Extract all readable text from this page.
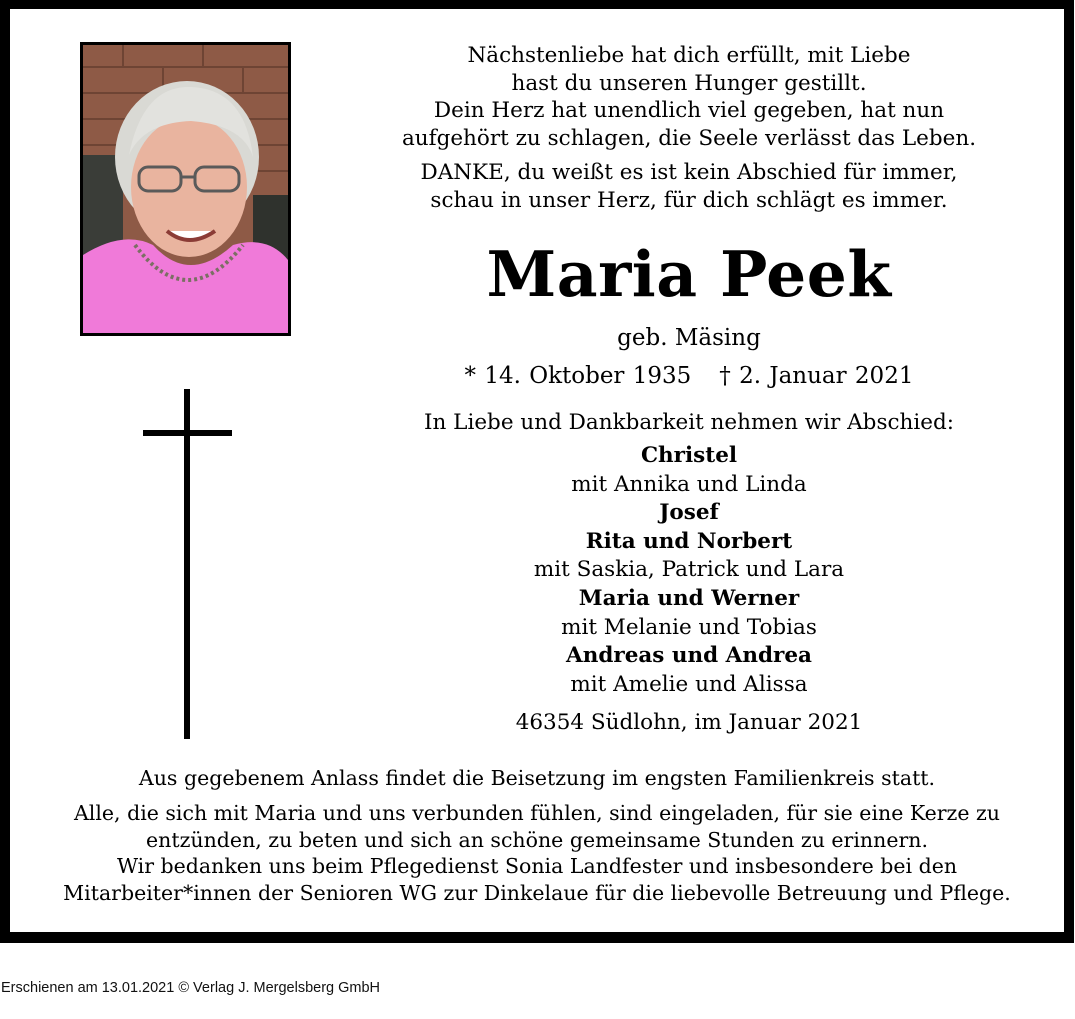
Nächstenliebe hat dich erfüllt, mit Liebe

hast du unseren Hunger gestillt.

Dein Herz hat unendlich viel gegeben, hat nun

aufgehört zu schlagen, die Seele verlässt das Leben.

DANKE, du weißt es ist kein Abschied für immer,

schau in unser Herz, für dich schlägt es immer.

Maria Peek
geb. Mäsing
* 14. Oktober 1935 † 2. Januar 2021
In Liebe und Dankbarkeit nehmen wir Abschied:
Christel
mit Annika und Linda
Josef
Rita und Norbert
mit Saskia, Patrick und Lara
Maria und Werner
mit Melanie und Tobias
Andreas und Andrea
mit Amelie und Alissa
46354 Südlohn, im Januar 2021
Aus gegebenem Anlass findet die Beisetzung im engsten Familienkreis statt.

Alle, die sich mit Maria und uns verbunden fühlen, sind eingeladen, für sie eine Kerze zu

entzünden, zu beten und sich an schöne gemeinsame Stunden zu erinnern.

Wir bedanken uns beim Pflegedienst Sonia Landfester und insbesondere bei den

Mitarbeiter*innen der Senioren WG zur Dinkelaue für die liebevolle Betreuung und Pflege.

Erschienen am 13.01.2021 © Verlag J. Mergelsberg GmbH
